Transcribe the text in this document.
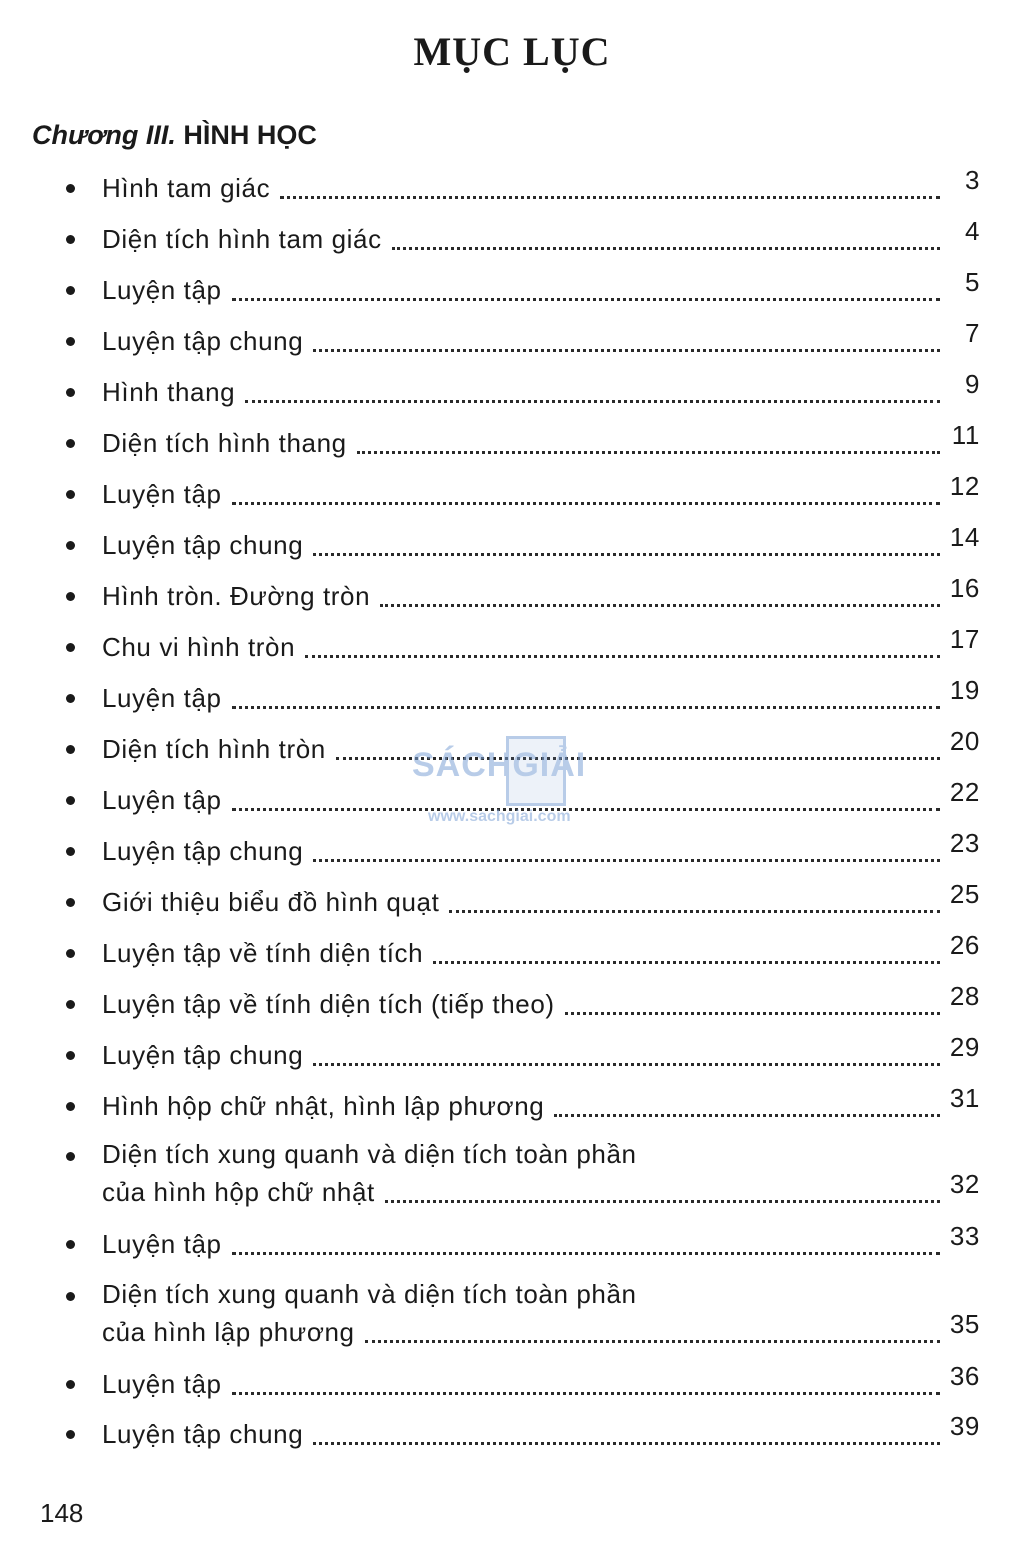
MỤC LỤC
Chương III. HÌNH HỌC
Hình tam giác	3
Diện tích hình tam giác	4
Luyện tập	5
Luyện tập chung	7
Hình thang	9
Diện tích hình thang	11
Luyện tập	12
Luyện tập chung	14
Hình tròn. Đường tròn	16
Chu vi hình tròn	17
Luyện tập	19
Diện tích hình tròn	20
Luyện tập	22
Luyện tập chung	23
Giới thiệu biểu đồ hình quạt	25
Luyện tập về tính diện tích	26
Luyện tập về tính diện tích (tiếp theo)	28
Luyện tập chung	29
Hình hộp chữ nhật, hình lập phương	31
Diện tích xung quanh và diện tích toàn phần
của hình hộp chữ nhật	32
Luyện tập	33
Diện tích xung quanh và diện tích toàn phần
của hình lập phương	35
Luyện tập	36
Luyện tập chung	39
SÁCHGIẢI
www.sachgiai.com

148
